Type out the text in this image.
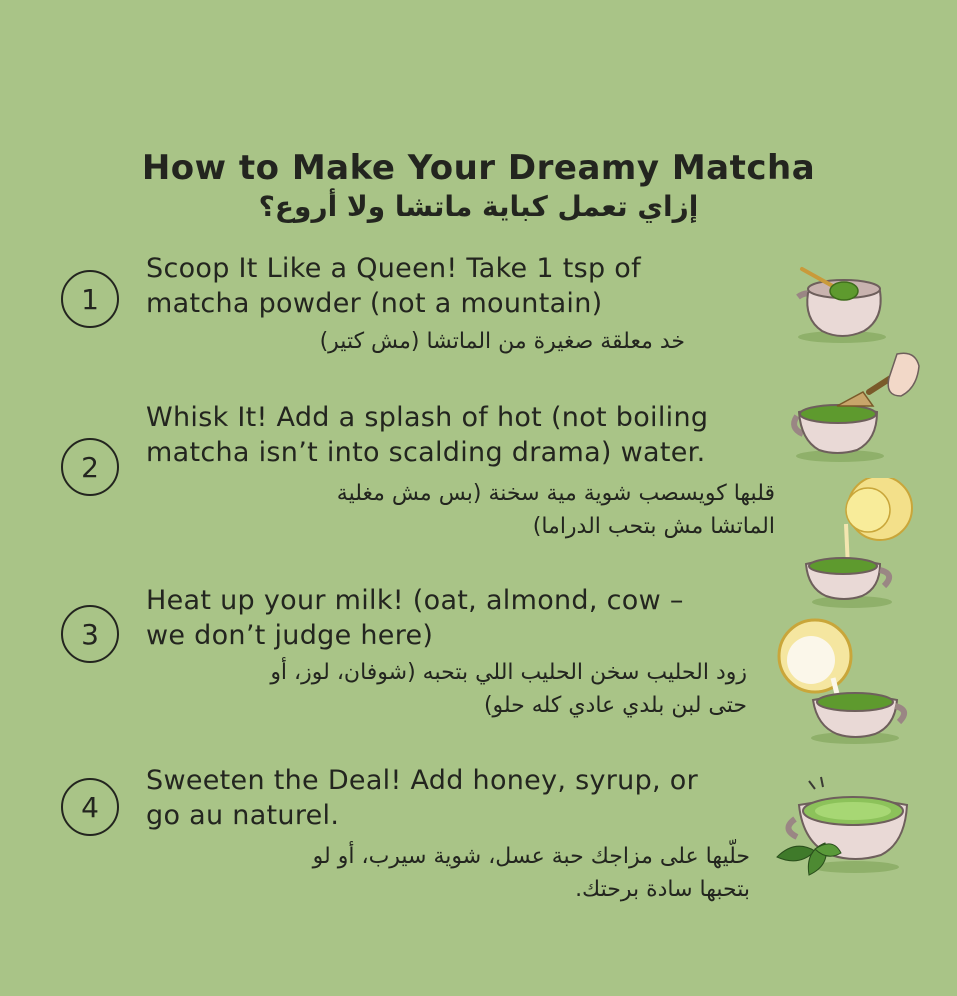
How to Make Your Dreamy Matcha
إزاي تعمل كباية ماتشا ولا أروع؟
1
Scoop It Like a Queen! Take 1 tsp of
matcha powder (not a mountain)
خد معلقة صغيرة من الماتشا (مش كتير)
2
Whisk It! Add a splash of hot (not boiling
matcha isn’t into scalding drama) water.
قلبها كويسصب شوية مية سخنة (بس مش مغلية
الماتشا مش بتحب الدراما)
3
Heat up your milk! (oat, almond, cow –
we don’t judge here)
زود الحليب سخن الحليب اللي بتحبه (شوفان، لوز، أو
حتى لبن بلدي عادي كله حلو)
4
Sweeten the Deal! Add honey, syrup, or
go au naturel.
حلّيها على مزاجك حبة عسل، شوية سيرب، أو لو
بتحبها سادة برحتك.
